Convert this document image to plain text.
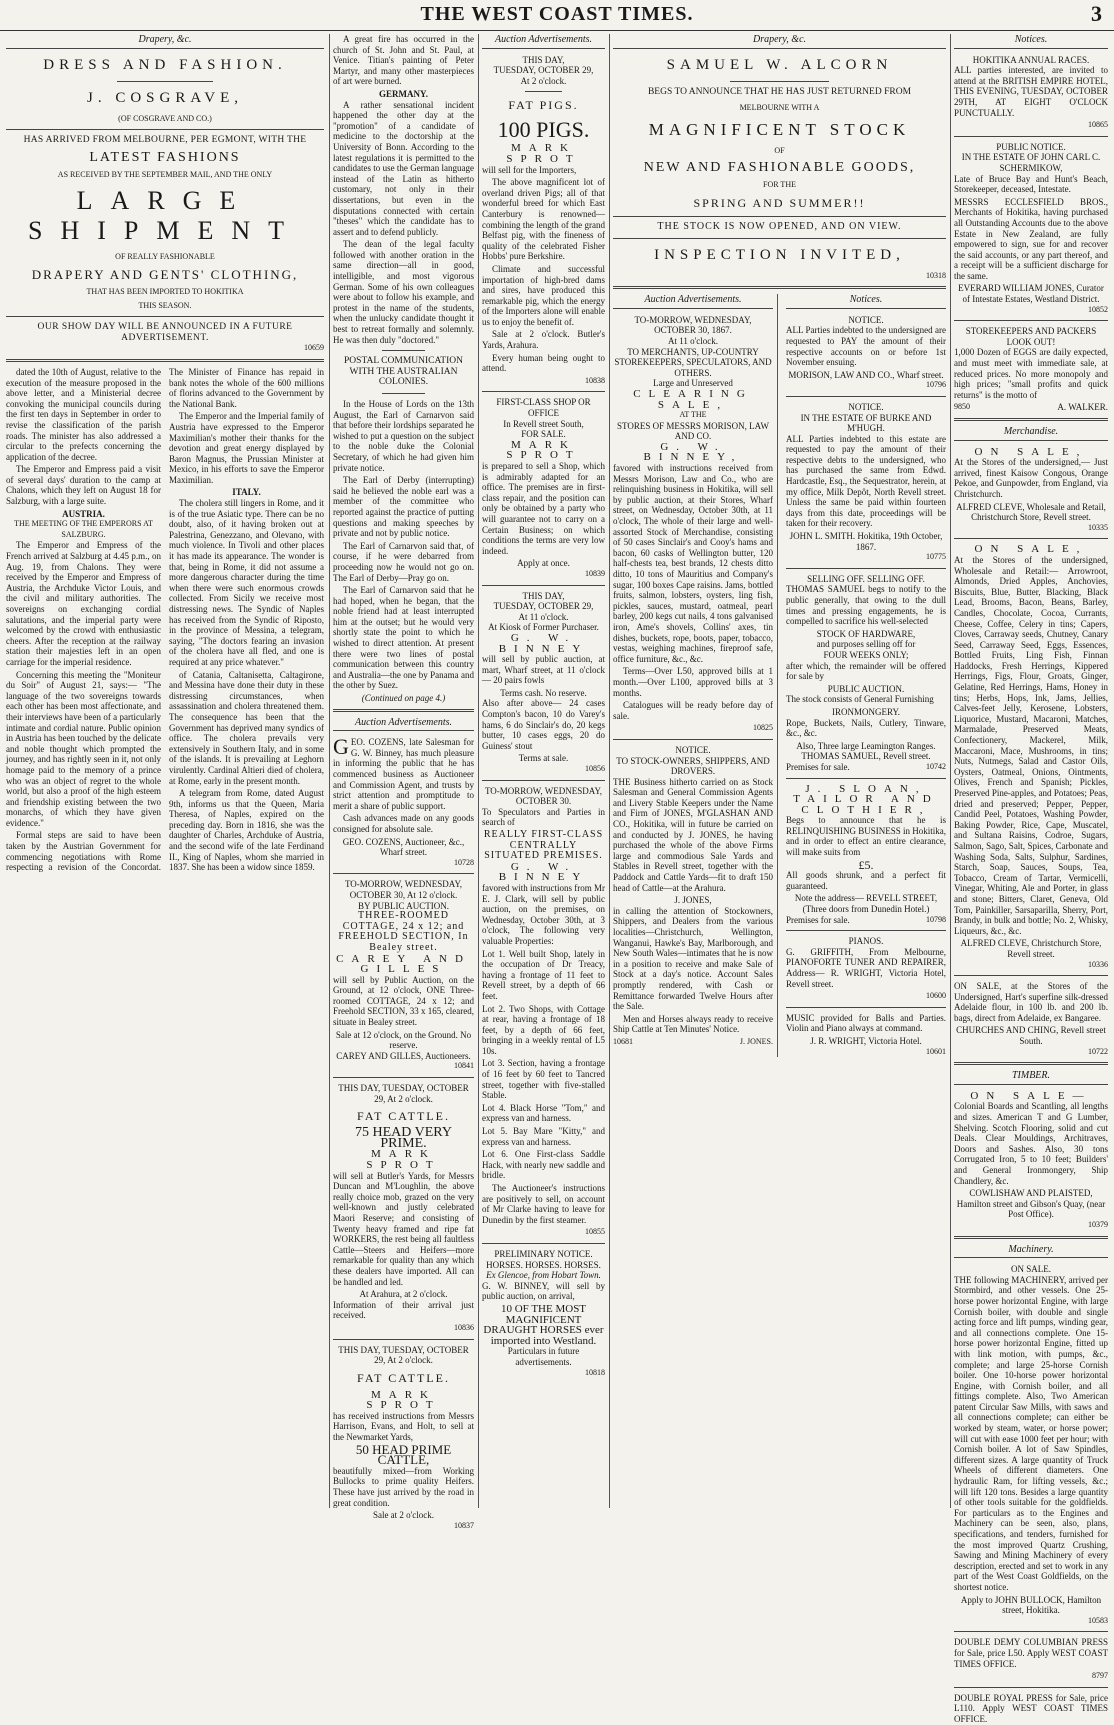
THE WEST COAST TIMES.	3
Drapery, &c.
DRESS AND FASHION.
J. COSGRAVE,
(OF COSGRAVE AND CO.)
HAS ARRIVED FROM MELBOURNE, PER EGMONT, WITH THE
LATEST FASHIONS
AS RECEIVED BY THE SEPTEMBER MAIL, AND THE ONLY
LARGE SHIPMENT
OF REALLY FASHIONABLE
DRAPERY AND GENTS' CLOTHING,
THAT HAS BEEN IMPORTED TO HOKITIKA
THIS SEASON.
OUR SHOW DAY WILL BE ANNOUNCED IN A FUTURE ADVERTISEMENT.
10659

dated the 10th of August, relative to the execution of the measure proposed in the above letter, and a Ministerial decree convoking the municipal councils during the first ten days in September in order to revise the classification of the parish roads. The minister has also addressed a circular to the prefects concerning the application of the decree.

The Emperor and Empress paid a visit of several days' duration to the camp at Chalons, which they left on August 18 for Salzburg, with a large suite.

AUSTRIA.
THE MEETING OF THE EMPERORS AT SALZBURG.

The Emperor and Empress of the French arrived at Salzburg at 4.45 p.m., on Aug. 19, from Chalons. They were received by the Emperor and Empress of Austria, the Archduke Victor Louis, and the civil and military authorities. The sovereigns on exchanging cordial salutations, and the imperial party were welcomed by the crowd with enthusiastic cheers. After the reception at the railway station their majesties left in an open carriage for the imperial residence.

Concerning this meeting the "Moniteur du Soir" of August 21, says:— "The language of the two sovereigns towards each other has been most affectionate, and their interviews have been of a particularly intimate and cordial nature. Public opinion in Austria has been touched by the delicate and noble thought which prompted the journey, and has rightly seen in it, not only homage paid to the memory of a prince who was an object of regret to the whole world, but also a proof of the high esteem and friendship existing between the two monarchs, of which they have given evidence."

Formal steps are said to have been taken by the Austrian Government for commencing negotiations with Rome respecting a revision of the Concordat. The Minister of Finance has repaid in bank notes the whole of the 600 millions of florins advanced to the Government by the National Bank.

The Emperor and the Imperial family of Austria have expressed to the Emperor Maximilian's mother their thanks for the devotion and great energy displayed by Baron Magnus, the Prussian Minister at Mexico, in his efforts to save the Emperor Maximilian.

ITALY.

The cholera still lingers in Rome, and it is of the true Asiatic type. There can be no doubt, also, of it having broken out at Palestrina, Genezzano, and Olevano, with much violence. In Tivoli and other places it has made its appearance. The wonder is that, being in Rome, it did not assume a more dangerous character during the time when there were such enormous crowds collected. From Sicily we receive most distressing news. The Syndic of Naples has received from the Syndic of Riposto, in the province of Messina, a telegram, saying, "The doctors fearing an invasion of the cholera have all fled, and one is required at any price whatever."

of Catania, Caltanisetta, Caltagirone, and Messina have done their duty in these distressing circumstances, when assassination and cholera threatened them. The consequence has been that the Government has deprived many syndics of office. The cholera prevails very extensively in Southern Italy, and in some of the islands. It is prevailing at Leghorn virulently. Cardinal Altieri died of cholera, at Rome, early in the present month.

A telegram from Rome, dated August 9th, informs us that the Queen, Maria Theresa, of Naples, expired on the preceding day. Born in 1816, she was the daughter of Charles, Archduke of Austria, and the second wife of the late Ferdinand II., King of Naples, whom she married in 1837. She has been a widow since 1859.

A great fire has occurred in the church of St. John and St. Paul, at Venice. Titian's painting of Peter Martyr, and many other masterpieces of art were burned.

GERMANY.

A rather sensational incident happened the other day at the "promotion" of a candidate of medicine to the doctorship at the University of Bonn. According to the latest regulations it is permitted to the candidates to use the German language instead of the Latin as hitherto customary, not only in their dissertations, but even in the disputations connected with certain "theses" which the candidate has to assert and to defend publicly.

The dean of the legal faculty followed with another oration in the same direction—all in good, intelligible, and most vigorous German. Some of his own colleagues were about to follow his example, and protest in the name of the students, when the unlucky candidate thought it best to retreat formally and solemnly. He was then duly "doctored."

POSTAL COMMUNICATION WITH THE AUSTRALIAN COLONIES.

In the House of Lords on the 13th August, the Earl of Carnarvon said that before their lordships separated he wished to put a question on the subject to the noble duke the Colonial Secretary, of which he had given him private notice.

The Earl of Derby (interrupting) said he believed the noble earl was a member of the committee who reported against the practice of putting questions and making speeches by private and not by public notice.

The Earl of Carnarvon said that, of course, if he were debarred from proceeding now he would not go on. The Earl of Derby—Pray go on.

The Earl of Carnarvon said that he had hoped, when he began, that the noble friend had at least interrupted him at the outset; but he would very shortly state the point to which he wished to direct attention. At present there were two lines of postal communication between this country and Australia—the one by Panama and the other by Suez.

(Continued on page 4.)
Auction Advertisements.

GEO. COZENS, late Salesman for G. W. Binney, has much pleasure in informing the public that he has commenced business as Auctioneer and Commission Agent, and trusts by strict attention and promptitude to merit a share of public support.

Cash advances made on any goods consigned for absolute sale.

GEO. COZENS, Auctioneer, &c., Wharf street.
10728
TO-MORROW, WEDNESDAY, OCTOBER 30, At 12 o'clock.
BY PUBLIC AUCTION.
THREE-ROOMED COTTAGE, 24 x 12; and FREEHOLD SECTION, In Bealey street.
CAREY AND GILLES

will sell by Public Auction, on the Ground, at 12 o'clock, ONE Three-roomed COTTAGE, 24 x 12; and Freehold SECTION, 33 x 165, cleared, situate in Bealey street.

Sale at 12 o'clock, on the Ground. No reserve.
CAREY AND GILLES, Auctioneers.
10841
THIS DAY, TUESDAY, OCTOBER 29, At 2 o'clock.
FAT CATTLE.
75 HEAD VERY PRIME.
MARK SPROT

will sell at Butler's Yards, for Messrs Duncan and M'Loughlin, the above really choice mob, grazed on the very well-known and justly celebrated Maori Reserve; and consisting of Twenty heavy framed and ripe fat WORKERS, the rest being all faultless Cattle—Steers and Heifers—more remarkable for quality than any which these dealers have imported. All can be handled and led.

At Arahura, at 2 o'clock.

Information of their arrival just received.

10836
THIS DAY, TUESDAY, OCTOBER 29, At 2 o'clock.
FAT CATTLE.
MARK SPROT

has received instructions from Messrs Harrison, Evans, and Holt, to sell at the Newmarket Yards,

50 HEAD PRIME CATTLE,

beautifully mixed—from Working Bullocks to prime quality Heifers. These have just arrived by the road in great condition.

Sale at 2 o'clock.
10837
Auction Advertisements.
THIS DAY,
TUESDAY, OCTOBER 29,
At 2 o'clock.
FAT PIGS.
100 PIGS.
MARK SPROT

will sell for the Importers,

The above magnificent lot of overland driven Pigs; all of that wonderful breed for which East Canterbury is renowned—combining the length of the grand Belfast pig, with the fineness of quality of the celebrated Fisher Hobbs' pure Berkshire.

Climate and successful importation of high-bred dams and sires, have produced this remarkable pig, which the energy of the Importers alone will enable us to enjoy the benefit of.

Sale at 2 o'clock. Butler's Yards, Arahura.

Every human being ought to attend.

10838
FIRST-CLASS SHOP OR OFFICE
In Revell street South,
FOR SALE.
MARK SPROT

is prepared to sell a Shop, which is admirably adapted for an office. The premises are in first-class repair, and the position can only be obtained by a party who will guarantee not to carry on a Certain Business; on which conditions the terms are very low indeed.

Apply at once.
10839
THIS DAY,
TUESDAY, OCTOBER 29,
At 11 o'clock.
At Kiosk of Former Purchaser.
G. W. BINNEY

will sell by public auction, at mart, Wharf street, at 11 o'clock— 20 pairs fowls

Terms cash. No reserve.

Also after above— 24 cases Compton's bacon, 10 do Varey's hams, 6 do Sinclair's do, 20 kegs butter, 10 cases eggs, 20 do Guiness' stout

Terms at sale.
10856
TO-MORROW, WEDNESDAY, OCTOBER 30.

To Speculators and Parties in search of

REALLY FIRST-CLASS CENTRALLY SITUATED PREMISES.
G. W. BINNEY

favored with instructions from Mr E. J. Clark, will sell by public auction, on the premises, on Wednesday, October 30th, at 3 o'clock, The following very valuable Properties:

Lot 1. Well built Shop, lately in the occupation of Dr Treacy, having a frontage of 11 feet to Revell street, by a depth of 66 feet.

Lot 2. Two Shops, with Cottage at rear, having a frontage of 18 feet, by a depth of 66 feet, bringing in a weekly rental of L5 10s.

Lot 3. Section, having a frontage of 16 feet by 60 feet to Tancred street, together with five-stalled Stable.

Lot 4. Black Horse "Tom," and express van and harness.

Lot 5. Bay Mare "Kitty," and express van and harness.

Lot 6. One First-class Saddle Hack, with nearly new saddle and bridle.

The Auctioneer's instructions are positively to sell, on account of Mr Clarke having to leave for Dunedin by the first steamer.

10855
PRELIMINARY NOTICE.
HORSES. HORSES. HORSES.
Ex Glencoe, from Hobart Town.

G. W. BINNEY, will sell by public auction, on arrival,

10 OF THE MOST MAGNIFICENT DRAUGHT HORSES ever imported into Westland.
Particulars in future advertisements.
10818
Drapery, &c.
SAMUEL W. ALCORN
BEGS TO ANNOUNCE THAT HE HAS JUST RETURNED FROM
MELBOURNE WITH A
MAGNIFICENT STOCK
OF
NEW AND FASHIONABLE GOODS,
FOR THE
SPRING AND SUMMER!!
THE STOCK IS NOW OPENED, AND ON VIEW.
INSPECTION INVITED,
10318
Auction Advertisements.
TO-MORROW, WEDNESDAY, OCTOBER 30, 1867.
At 11 o'clock.
TO MERCHANTS, UP-COUNTRY STOREKEEPERS, SPECULATORS, AND OTHERS.
Large and Unreserved
CLEARING SALE,
AT THE
STORES OF MESSRS MORISON, LAW AND CO.
G. W. BINNEY,

favored with instructions received from Messrs Morison, Law and Co., who are relinquishing business in Hokitika, will sell by public auction, at their Stores, Wharf street, on Wednesday, October 30th, at 11 o'clock, The whole of their large and well-assorted Stock of Merchandise, consisting of 50 cases Sinclair's and Cooy's hams and bacon, 60 casks of Wellington butter, 120 half-chests tea, best brands, 12 chests ditto ditto, 10 tons of Mauritius and Company's sugar, 100 boxes Cape raisins. Jams, bottled fruits, salmon, lobsters, oysters, ling fish, pickles, sauces, mustard, oatmeal, pearl barley, 200 kegs cut nails, 4 tons galvanised iron, Ame's shovels, Collins' axes, tin dishes, buckets, rope, boots, paper, tobacco, vestas, weighing machines, fireproof safe, office furniture, &c., &c.

Terms—Over L50, approved bills at 1 month.—Over L100, approved bills at 3 months.

Catalogues will be ready before day of sale.

10825
NOTICE.
TO STOCK-OWNERS, SHIPPERS, AND DROVERS.

THE Business hitherto carried on as Stock Salesman and General Commission Agents and Livery Stable Keepers under the Name and Firm of JONES, M'GLASHAN AND CO., Hokitika, will in future be carried on and conducted by J. JONES, he having purchased the whole of the above Firms large and commodious Sale Yards and Stables in Revell street, together with the Paddock and Cattle Yards—fit to draft 150 head of Cattle—at the Arahura.

J. JONES,

in calling the attention of Stockowners, Shippers, and Dealers from the various localities—Christchurch, Wellington, Wanganui, Hawke's Bay, Marlborough, and New South Wales—intimates that he is now in a position to receive and make Sale of Stock at a day's notice. Account Sales promptly rendered, with Cash or Remittance forwarded Twelve Hours after the Sale.

Men and Horses always ready to receive Ship Cattle at Ten Minutes' Notice.

10681	J. JONES.
Notices.
NOTICE.

ALL Parties indebted to the undersigned are requested to PAY the amount of their respective accounts on or before 1st November ensuing.

MORISON, LAW AND CO., Wharf street.
10796
NOTICE.
IN THE ESTATE OF BURKE AND M'HUGH.

ALL Parties indebted to this estate are requested to pay the amount of their respective debts to the undersigned, who has purchased the same from Edwd. Hardcastle, Esq., the Sequestrator, herein, at my office, Milk Depôt, North Revell street. Unless the same be paid within fourteen days from this date, proceedings will be taken for their recovery.

JOHN L. SMITH. Hokitika, 19th October, 1867.
10775
SELLING OFF. SELLING OFF.

THOMAS SAMUEL begs to notify to the public generally, that owing to the dull times and pressing engagements, he is compelled to sacrifice his well-selected

STOCK OF HARDWARE,
and purposes selling off for
FOUR WEEKS ONLY;

after which, the remainder will be offered for sale by

PUBLIC AUCTION.

The stock consists of General Furnishing

IRONMONGERY.

Rope, Buckets, Nails, Cutlery, Tinware, &c., &c.

Also, Three large Leamington Ranges.
THOMAS SAMUEL, Revell street.
Premises for sale.	10742
J. SLOAN, TAILOR AND CLOTHIER,

Begs to announce that he is RELINQUISHING BUSINESS in Hokitika, and in order to effect an entire clearance, will make suits from

£5.

All goods shrunk, and a perfect fit guaranteed.

Note the address— REVELL STREET, (Three doors from Dunedin Hotel.)
Premises for sale.	10798
PIANOS.

G. GRIFFITH, From Melbourne, PIANOFORTE TUNER AND REPAIRER, Address— R. WRIGHT, Victoria Hotel, Revell street.

10600

MUSIC provided for Balls and Parties. Violin and Piano always at command.

J. R. WRIGHT, Victoria Hotel.
10601
Notices.
HOKITIKA ANNUAL RACES.

ALL parties interested, are invited to attend at the BRITISH EMPIRE HOTEL, THIS EVENING, TUESDAY, OCTOBER 29TH, AT EIGHT O'CLOCK PUNCTUALLY.

10865
PUBLIC NOTICE.
IN THE ESTATE OF JOHN CARL C. SCHERMIKOW,

Late of Bruce Bay and Hunt's Beach, Storekeeper, deceased, Intestate.

MESSRS ECCLESFIELD BROS., Merchants of Hokitika, having purchased all Outstanding Accounts due to the above Estate in New Zealand, are fully empowered to sign, sue for and recover the said accounts, or any part thereof, and a receipt will be a sufficient discharge for the same.

EVERARD WILLIAM JONES, Curator of Intestate Estates, Westland District.
10852
STOREKEEPERS AND PACKERS LOOK OUT!

1,000 Dozen of EGGS are daily expected, and must meet with immediate sale, at reduced prices. No more monopoly and high prices; "small profits and quick returns" is the motto of

9850	A. WALKER.
Merchandise.
ON SALE,

At the Stores of the undersigned,— Just arrived, finest Kaisow Congous, Orange Pekoe, and Gunpowder, from England, via Christchurch.

ALFRED CLEVE, Wholesale and Retail, Christchurch Store, Revell street.
10335
ON SALE,

At the Stores of the undersigned, Wholesale and Retail:— Arrowroot, Almonds, Dried Apples, Anchovies, Biscuits, Blue, Butter, Blacking, Black Lead, Brooms, Bacon, Beans, Barley, Candles, Chocolate, Cocoa, Currants, Cheese, Coffee, Celery in tins; Capers, Cloves, Carraway seeds, Chutney, Canary Seed, Carraway Seed, Eggs, Essences, Bottled Fruits, Ling Fish, Finnan Haddocks, Fresh Herrings, Kippered Herrings, Figs, Flour, Groats, Ginger, Gelatine, Red Herrings, Hams, Honey in tins; Herbs, Hops, Ink, Jams, Jellies, Calves-feet Jelly, Kerosene, Lobsters, Liquorice, Mustard, Macaroni, Matches, Marmalade, Preserved Meats, Confectionery, Mackerel, Milk, Maccaroni, Mace, Mushrooms, in tins; Nuts, Nutmegs, Salad and Castor Oils, Oysters, Oatmeal, Onions, Ointments, Olives, French and Spanish; Pickles, Preserved Pine-apples, and Potatoes; Peas, dried and preserved; Pepper, Pepper, Candid Peel, Potatoes, Washing Powder, Baking Powder, Rice, Cape, Muscatel, and Sultana Raisins, Codroe, Sugars, Salmon, Sago, Salt, Spices, Carbonate and Washing Soda, Salts, Sulphur, Sardines, Starch, Soap, Sauces, Soups, Tea, Tobacco, Cream of Tartar, Vermicelli, Vinegar, Whiting, Ale and Porter, in glass and stone; Bitters, Claret, Geneva, Old Tom, Painkiller, Sarsaparilla, Sherry, Port, Brandy, in bulk and bottle; No. 2, Whisky, Liqueurs, &c., &c.

ALFRED CLEVE, Christchurch Store, Revell street.
10336

ON SALE, at the Stores of the Undersigned, Hart's superfine silk-dressed Adelaide flour, in 100 lb. and 200 lb. bags, direct from Adelaide, ex Bangaree.

CHURCHES AND CHING, Revell street South.
10722
TIMBER.
ON SALE—

Colonial Boards and Scantling, all lengths and sizes. American T and G Lumber, Shelving. Scotch Flooring, solid and cut Deals. Clear Mouldings, Architraves, Doors and Sashes. Also, 30 tons Corrugated Iron, 5 to 10 feet; Builders' and General Ironmongery, Ship Chandlery, &c.

COWLISHAW AND PLAISTED, Hamilton street and Gibson's Quay, (near Post Office).
10379
Machinery.
ON SALE.

THE following MACHINERY, arrived per Stormbird, and other vessels. One 25-horse power horizontal Engine, with large Cornish boiler, with double and single acting force and lift pumps, winding gear, and all connections complete. One 15-horse power horizontal Engine, fitted up with link motion, with pumps, &c., complete; and large 25-horse Cornish boiler. One 10-horse power horizontal Engine, with Cornish boiler, and all fittings complete. Also, Two American patent Circular Saw Mills, with saws and all connections complete; can either be worked by steam, water, or horse power; will cut with ease 1000 feet per hour; with Cornish boiler. A lot of Saw Spindles, different sizes. A large quantity of Truck Wheels of different diameters. One hydraulic Ram, for lifting vessels, &c.; will lift 120 tons. Besides a large quantity of other tools suitable for the goldfields. For particulars as to the Engines and Machinery can be seen, also, plans, specifications, and tenders, furnished for the most improved Quartz Crushing, Sawing and Mining Machinery of every description, erected and set to work in any part of the West Coast Goldfields, on the shortest notice.

Apply to JOHN BULLOCK, Hamilton street, Hokitika.
10583

DOUBLE DEMY COLUMBIAN PRESS for Sale, price L50. Apply WEST COAST TIMES OFFICE.

8797

DOUBLE ROYAL PRESS for Sale, price L110. Apply WEST COAST TIMES OFFICE.
